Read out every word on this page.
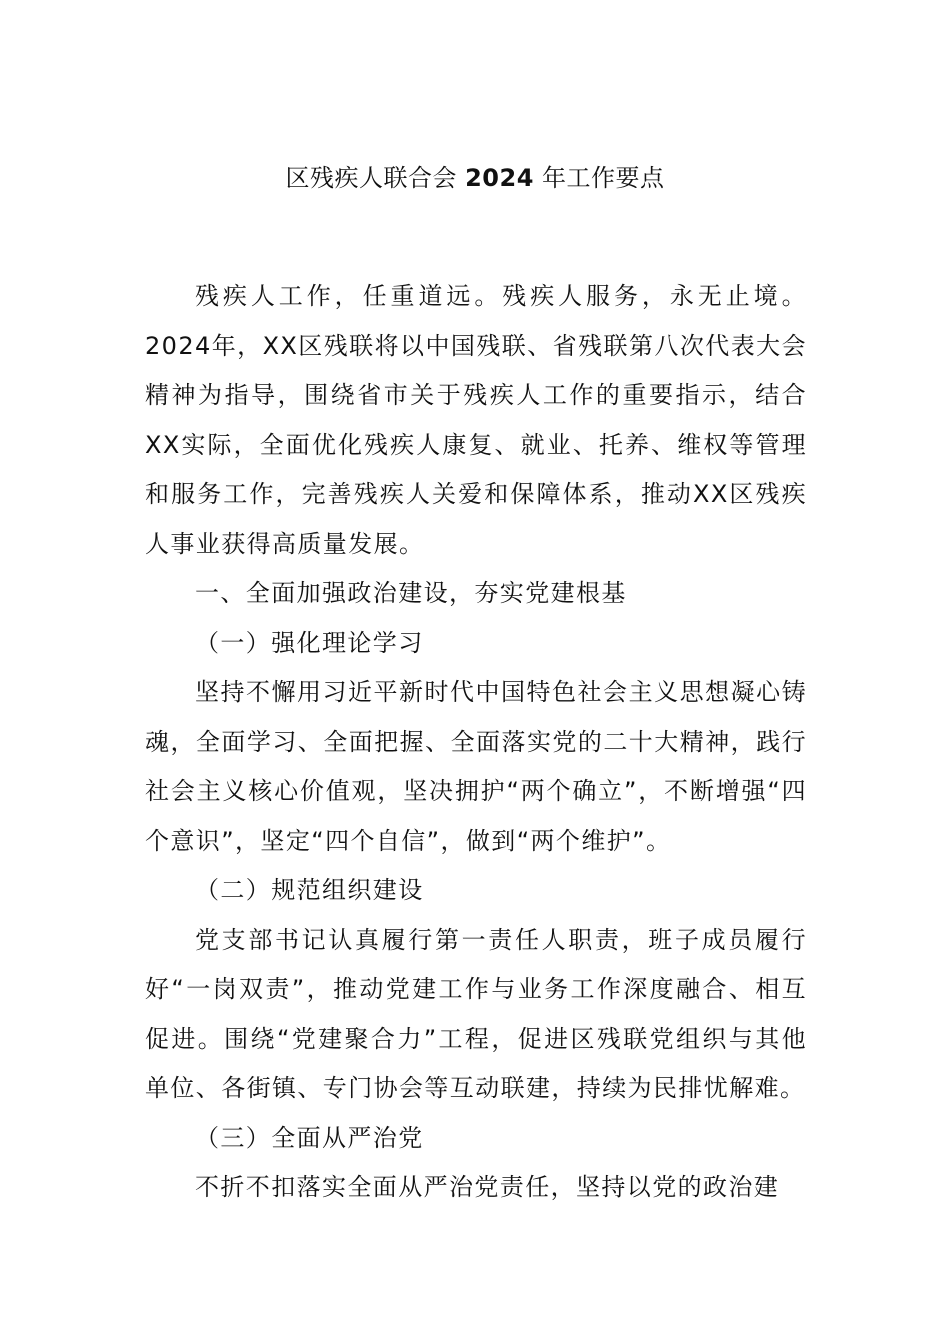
区残疾人联合会 2024 年工作要点

残疾人工作，任重道远。残疾人服务，永无止境。2024年，XX区残联将以中国残联、省残联第八次代表大会精神为指导，围绕省市关于残疾人工作的重要指示，结合XX实际，全面优化残疾人康复、就业、托养、维权等管理和服务工作，完善残疾人关爱和保障体系，推动XX区残疾人事业获得高质量发展。

一、全面加强政治建设，夯实党建根基

（一）强化理论学习

坚持不懈用习近平新时代中国特色社会主义思想凝心铸魂，全面学习、全面把握、全面落实党的二十大精神，践行社会主义核心价值观，坚决拥护“两个确立”，不断增强“四个意识”，坚定“四个自信”，做到“两个维护”。

（二）规范组织建设

党支部书记认真履行第一责任人职责，班子成员履行好“一岗双责”，推动党建工作与业务工作深度融合、相互促进。围绕“党建聚合力”工程，促进区残联党组织与其他单位、各街镇、专门协会等互动联建，持续为民排忧解难。

（三）全面从严治党

不折不扣落实全面从严治党责任，坚持以党的政治建
